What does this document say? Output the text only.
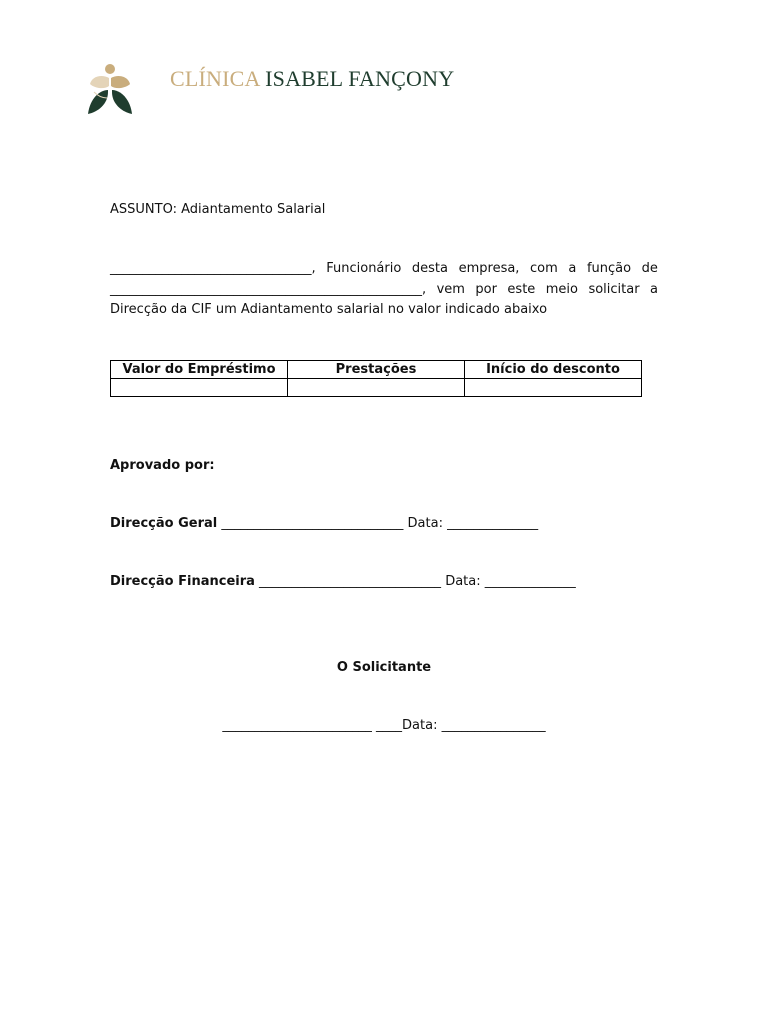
CLÍNICA ISABEL FANÇONY
ASSUNTO: Adiantamento Salarial
_______________________________, Funcionário desta empresa, com a função de
________________________________________________, vem por este meio solicitar a
Direcção da CIF um Adiantamento salarial no valor indicado abaixo
Valor do Empréstimo	Prestações	Início do desconto

Aprovado por:
Direcção Geral ____________________________ Data: ______________
Direcção Financeira ____________________________ Data: ______________
O Solicitante
_______________________ ____Data: ________________
